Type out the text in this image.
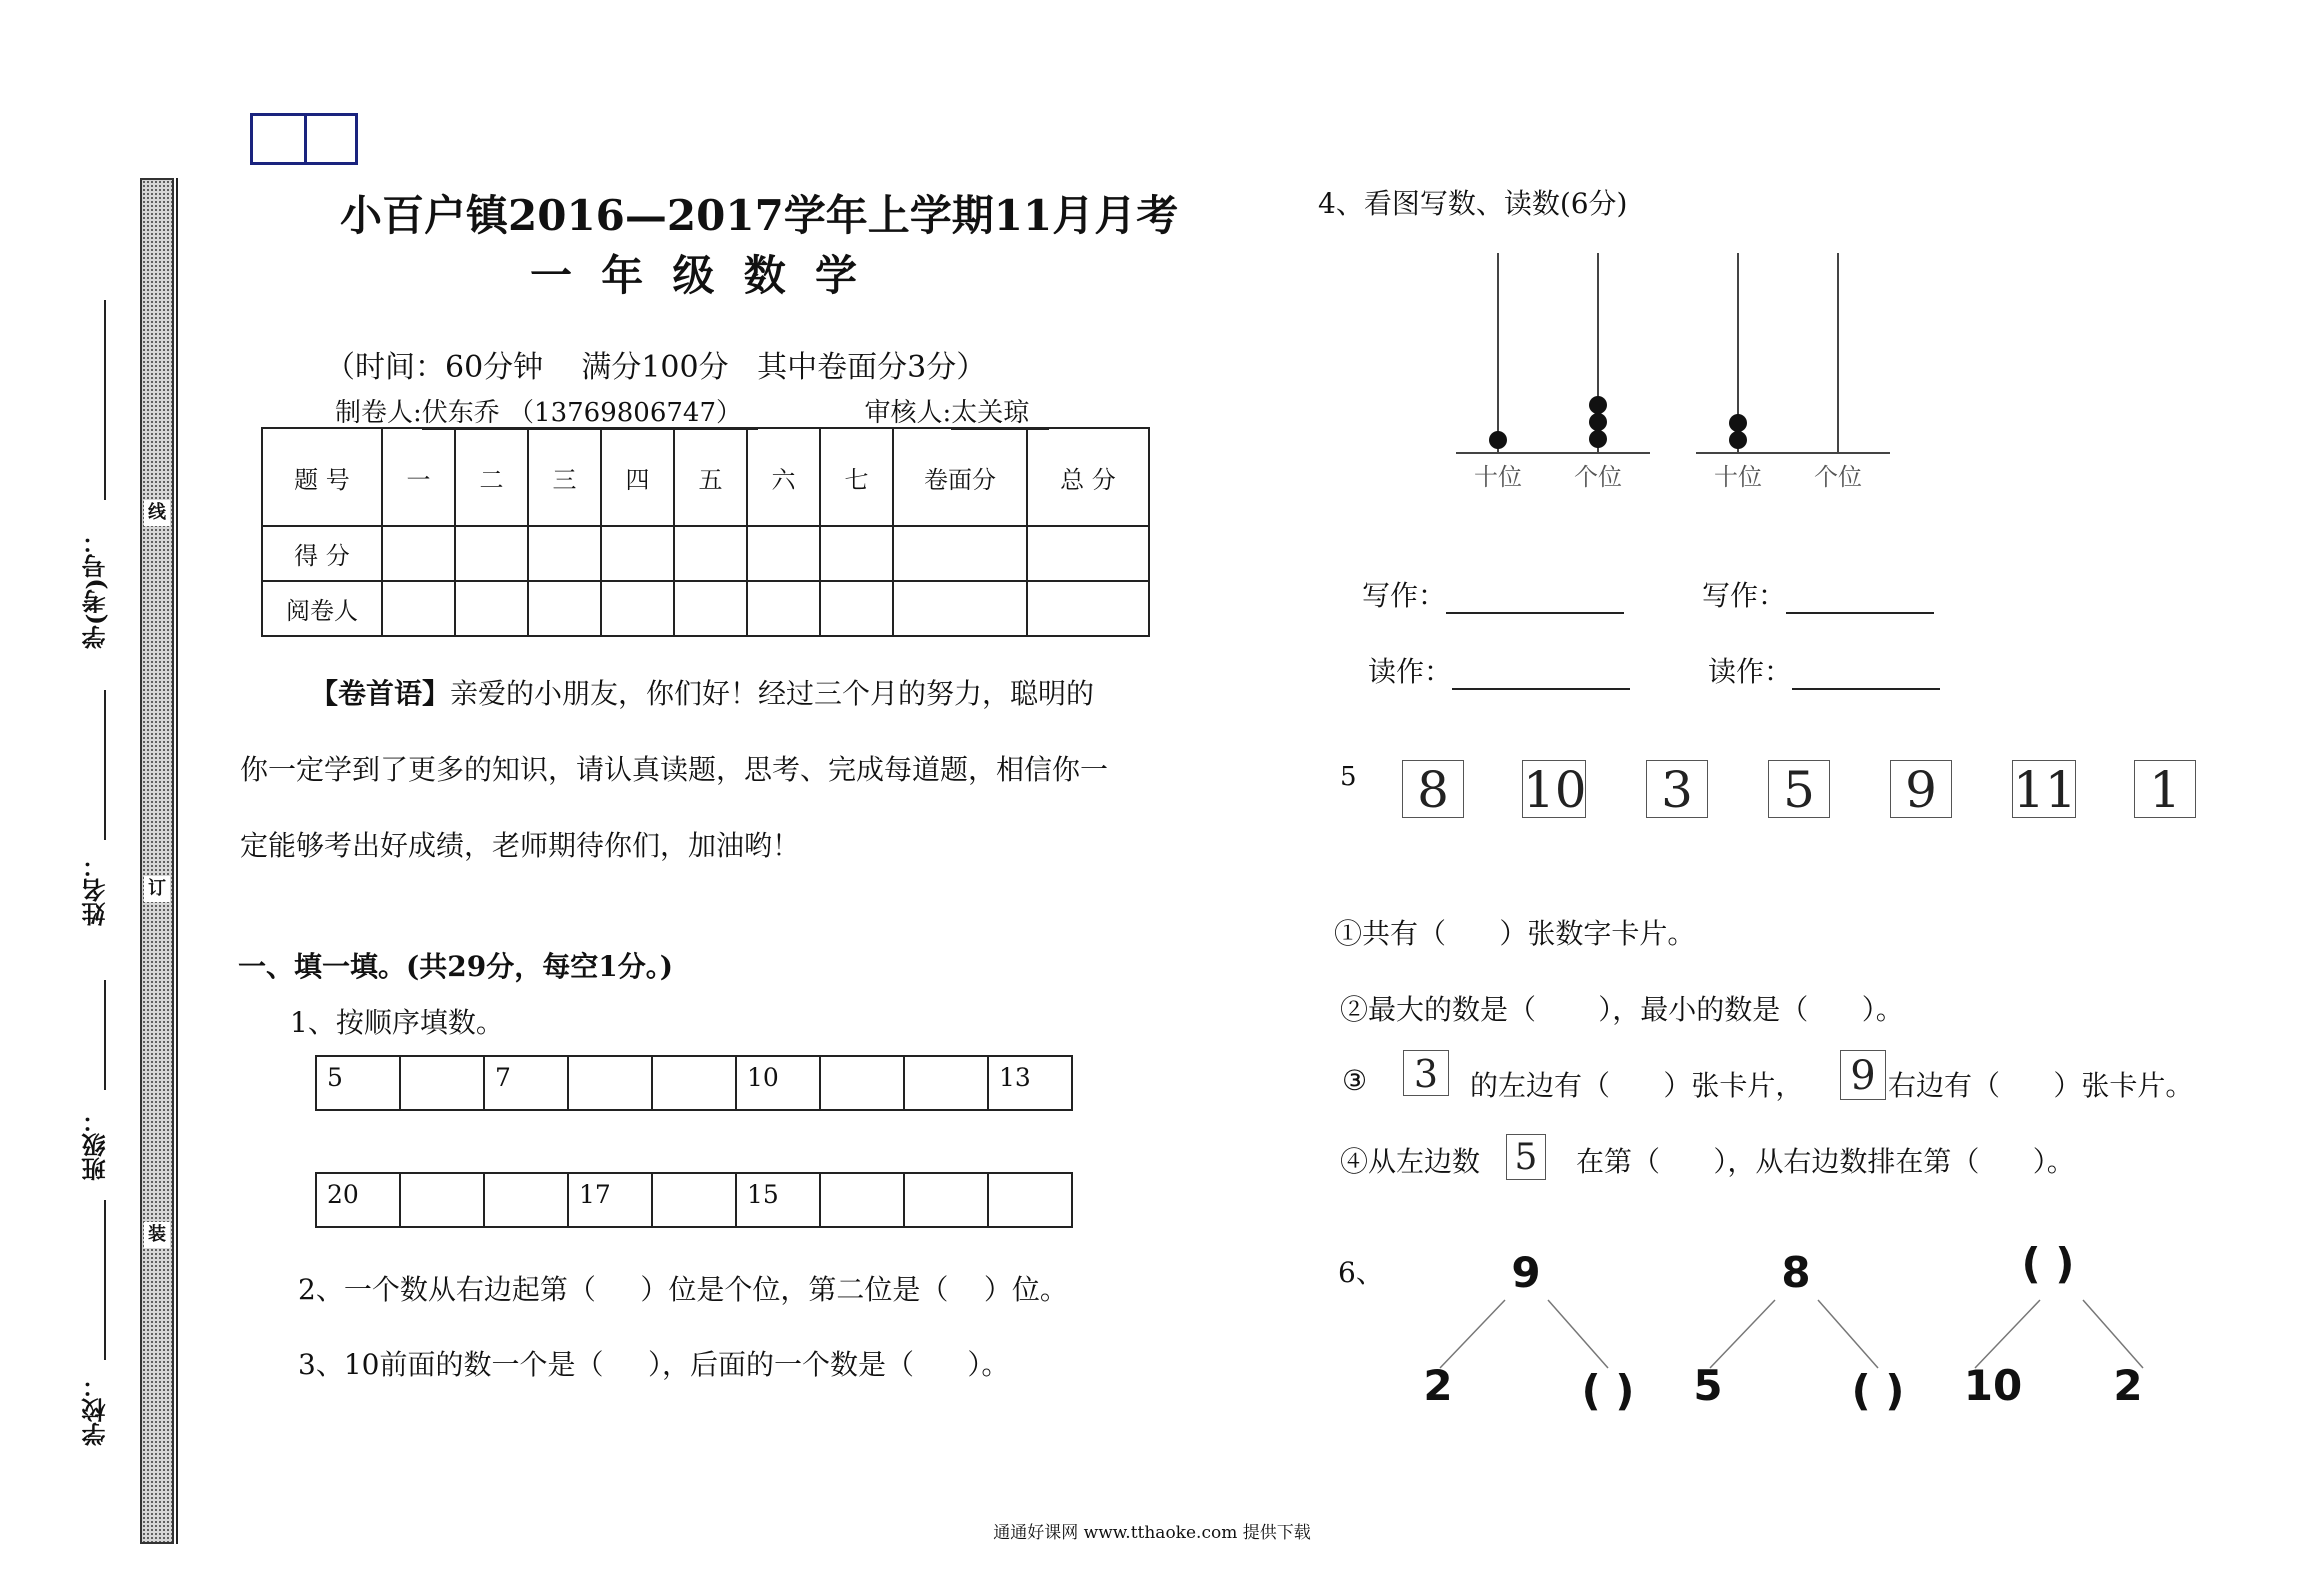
线
订
装
学(考)号：
姓名：
班级：
学校：
小百户镇2016—2017学年上学期11月月考
一  年  级  数  学
（时间：60分钟    满分100分   其中卷面分3分）
制卷人:伏东乔 （13769806747）	审核人:太关琼
题 号	一	二	三	四	五	六	七	卷面分	总 分
得 分									
阅卷人									
【卷首语】亲爱的小朋友，你们好！经过三个月的努力，聪明的
你一定学到了更多的知识，请认真读题，思考、完成每道题，相信你一
定能够考出好成绩，老师期待你们，加油哟！
一、填一填。(共29分，每空1分。)
1、按顺序填数。
5		7			10			13
20			17		15			
2、一个数从右边起第（     ）位是个位，第二位是（    ）位。
3、10前面的数一个是（     ），后面的一个数是（      ）。
4、看图写数、读数(6分)
十位 个位	十位 个位
写作：	写作：
读作：	读作：
5	8	10	3	5	9	11	1
①共有（      ）张数字卡片。
②最大的数是（       ），最小的数是（      ）。
③ 3	的左边有（      ）张卡片， 9 右边有（      ）张卡片。
④从左边数 5	在第（      ），从右边数排在第（      ）。
6、	9
2	( )
8
5	( )
( )
10 2
通通好课网 www.tthaoke.com 提供下载
